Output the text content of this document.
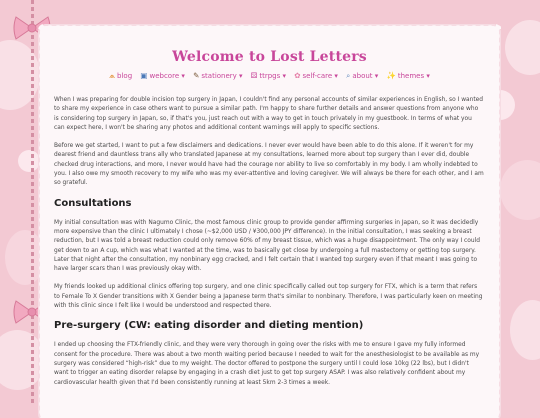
Welcome to Lost Letters
⩕ blog ▣ webcore ▾ ✎ stationery ▾ ⚄ ttrpgs ▾ ✿ self-care ▾ ⌕ about ▾ ✨ themes ▾

When I was preparing for double incision top surgery in Japan, I couldn't find any personal accounts of similar experiences in English, so I wanted to share my experience in case others want to pursue a similar path. I'm happy to share further details and answer questions from anyone who is considering top surgery in Japan, so, if that's you, just reach out with a way to get in touch privately in my guestbook. In terms of what you can expect here, I won't be sharing any photos and additional content warnings will apply to specific sections.

Before we get started, I want to put a few disclaimers and dedications. I never ever would have been able to do this alone. If it weren't for my dearest friend and dauntless trans ally who translated Japanese at my consultations, learned more about top surgery than I ever did, double checked drug interactions, and more, I never would have had the courage nor ability to live so comfortably in my body. I am wholly indebted to you. I also owe my smooth recovery to my wife who was my ever-attentive and loving caregiver. We will always be there for each other, and I am so grateful.

Consultations

My initial consultation was with Nagumo Clinic, the most famous clinic group to provide gender affirming surgeries in Japan, so it was decidedly more expensive than the clinic I ultimately I chose (~$2,000 USD / ¥300,000 JPY difference). In the initial consultation, I was seeking a breast reduction, but I was told a breast reduction could only remove 60% of my breast tissue, which was a huge disappointment. The only way I could get down to an A cup, which was what I wanted at the time, was to basically get close by undergoing a full mastectomy or getting top surgery. Later that night after the consultation, my nonbinary egg cracked, and I felt certain that I wanted top surgery even if that meant I was going to have larger scars than I was previously okay with.

My friends looked up additional clinics offering top surgery, and one clinic specifically called out top surgery for FTX, which is a term that refers to Female To X Gender transitions with X Gender being a Japanese term that's similar to nonbinary. Therefore, I was particularly keen on meeting with this clinic since I felt like I would be understood and respected there.

Pre-surgery (CW: eating disorder and dieting mention)

I ended up choosing the FTX-friendly clinic, and they were very thorough in going over the risks with me to ensure I gave my fully informed consent for the procedure. There was about a two month waiting period because I needed to wait for the anesthesiologist to be available as my surgery was considered “high-risk” due to my weight. The doctor offered to postpone the surgery until I could lose 10kg (22 lbs), but I didn't want to trigger an eating disorder relapse by engaging in a crash diet just to get top surgery ASAP. I was also relatively confident about my cardiovascular health given that I'd been consistently running at least 5km 2-3 times a week.
